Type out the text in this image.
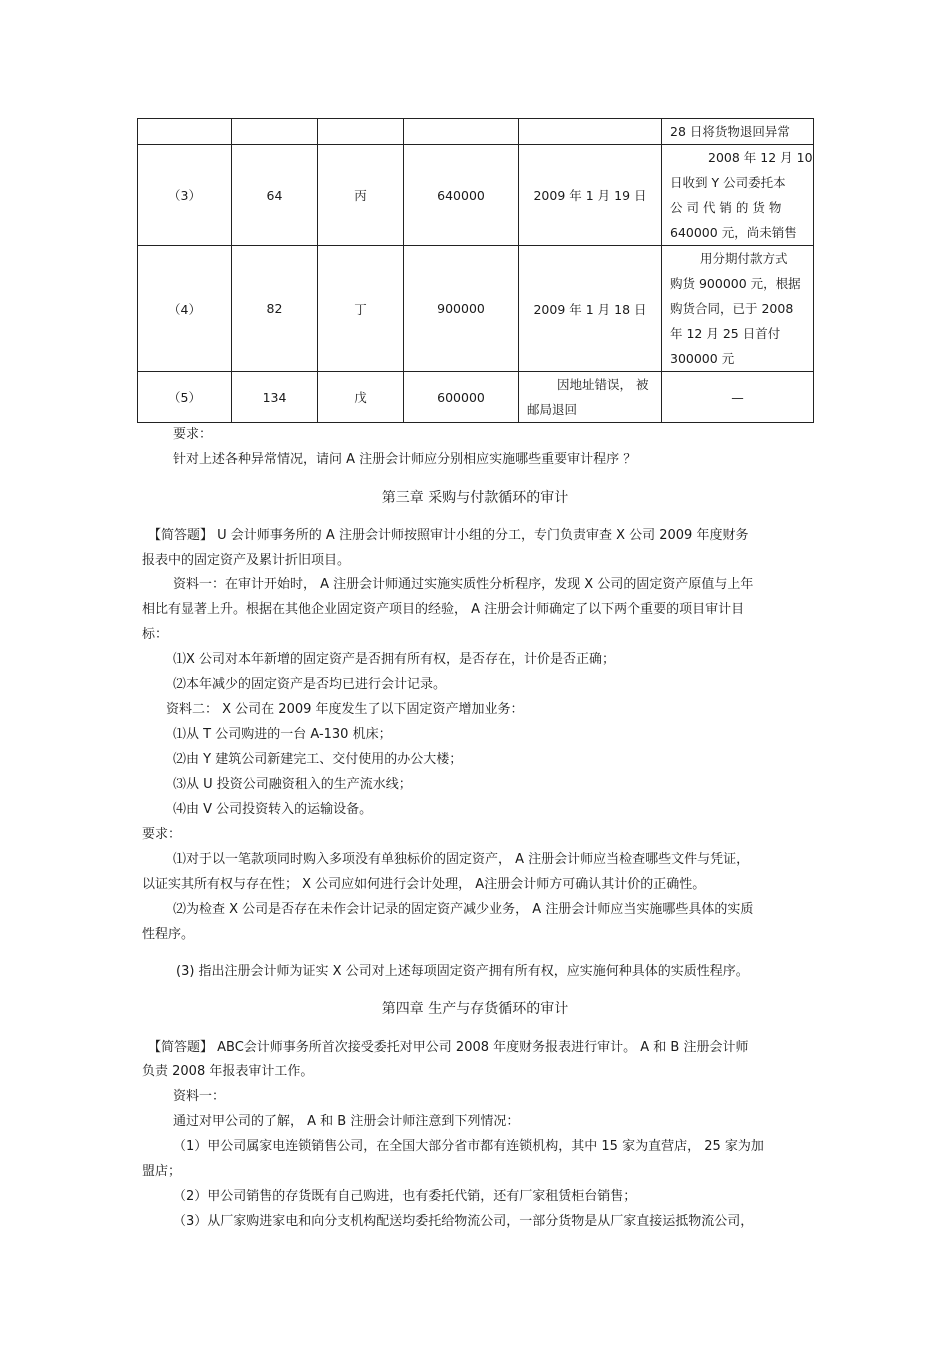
					28 日将货物退回异常
（3）	64	丙	640000	2009 年 1 月 19 日	2008 年 12 月 10
日收到 Y 公司委托本
公 司 代 销 的 货 物
640000 元，尚未销售

（4）	82	丁	900000	2009 年 1 月 18 日	用分期付款方式
购货 900000 元，根据
购货合同，已于 2008
年 12 月 25 日首付
300000 元

（5）	134	戊	600000	因地址错误， 被
邮局退回	—
要求：
针对上述各种异常情况，请问 A 注册会计师应分别相应实施哪些重要审计程序 ？
第三章 采购与付款循环的审计
【简答题】 U 会计师事务所的 A 注册会计师按照审计小组的分工，专门负责审查 X 公司 2009 年度财务
报表中的固定资产及累计折旧项目。
资料一：在审计开始时， A 注册会计师通过实施实质性分析程序，发现 X 公司的固定资产原值与上年
相比有显著上升。根据在其他企业固定资产项目的经验， A 注册会计师确定了以下两个重要的项目审计目
标：
⑴X 公司对本年新增的固定资产是否拥有所有权，是否存在，计价是否正确；
⑵本年减少的固定资产是否均已进行会计记录。
资料二： X 公司在 2009 年度发生了以下固定资产增加业务：
⑴从 T 公司购进的一台 A-130 机床；
⑵由 Y 建筑公司新建完工、交付使用的办公大楼；
⑶从 U 投资公司融资租入的生产流水线；
⑷由 V 公司投资转入的运输设备。
要求：
⑴对于以一笔款项同时购入多项没有单独标价的固定资产， A 注册会计师应当检查哪些文件与凭证，
以证实其所有权与存在性； X 公司应如何进行会计处理， A注册会计师方可确认其计价的正确性。
⑵为检查 X 公司是否存在未作会计记录的固定资产减少业务， A 注册会计师应当实施哪些具体的实质
性程序。
(3) 指出注册会计师为证实 X 公司对上述每项固定资产拥有所有权，应实施何种具体的实质性程序。
第四章 生产与存货循环的审计
【简答题】 ABC会计师事务所首次接受委托对甲公司 2008 年度财务报表进行审计。 A 和 B 注册会计师
负责 2008 年报表审计工作。
资料一：
通过对甲公司的了解， A 和 B 注册会计师注意到下列情况：
（1）甲公司属家电连锁销售公司，在全国大部分省市都有连锁机构，其中 15 家为直营店， 25 家为加
盟店；
（2）甲公司销售的存货既有自己购进，也有委托代销，还有厂家租赁柜台销售；
（3）从厂家购进家电和向分支机构配送均委托给物流公司，一部分货物是从厂家直接运抵物流公司，
